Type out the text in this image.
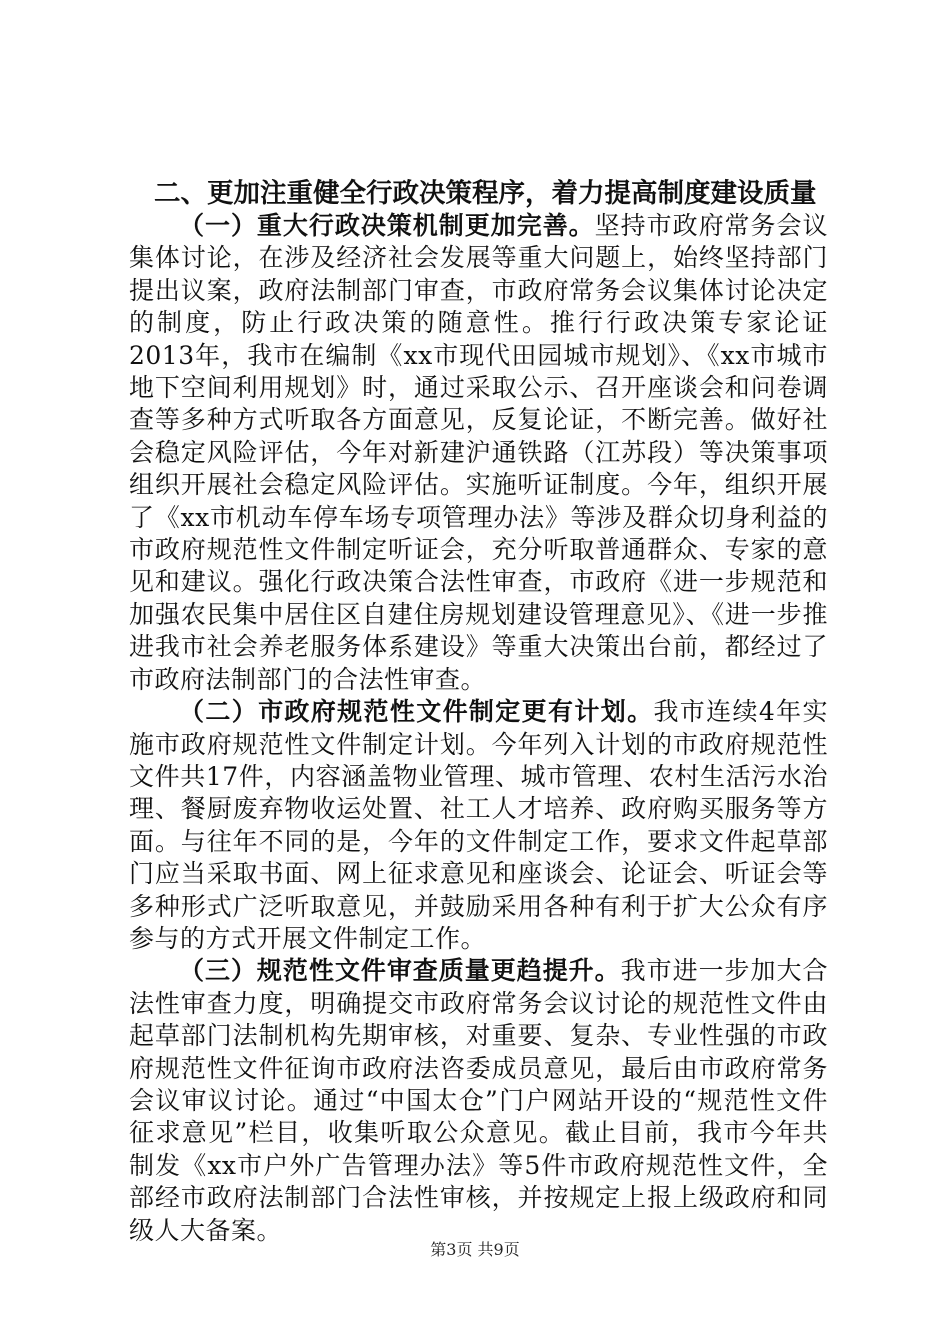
二、更加注重健全行政决策程序，着力提高制度建设质量

（一）重大行政决策机制更加完善。坚持市政府常务会议集体讨论，在涉及经济社会发展等重大问题上，始终坚持部门提出议案，政府法制部门审查，市政府常务会议集体讨论决定的制度，防止行政决策的随意性。推行行政决策专家论证2013年，我市在编制《xx市现代田园城市规划》、《xx市城市地下空间利用规划》时，通过采取公示、召开座谈会和问卷调查等多种方式听取各方面意见，反复论证，不断完善。做好社会稳定风险评估，今年对新建沪通铁路（江苏段）等决策事项组织开展社会稳定风险评估。实施听证制度。今年，组织开展了《xx市机动车停车场专项管理办法》等涉及群众切身利益的市政府规范性文件制定听证会，充分听取普通群众、专家的意见和建议。强化行政决策合法性审查，市政府《进一步规范和加强农民集中居住区自建住房规划建设管理意见》、《进一步推进我市社会养老服务体系建设》等重大决策出台前，都经过了市政府法制部门的合法性审查。

（二）市政府规范性文件制定更有计划。我市连续4年实施市政府规范性文件制定计划。今年列入计划的市政府规范性文件共17件，内容涵盖物业管理、城市管理、农村生活污水治理、餐厨废弃物收运处置、社工人才培养、政府购买服务等方面。与往年不同的是，今年的文件制定工作，要求文件起草部门应当采取书面、网上征求意见和座谈会、论证会、听证会等多种形式广泛听取意见，并鼓励采用各种有利于扩大公众有序参与的方式开展文件制定工作。

（三）规范性文件审查质量更趋提升。我市进一步加大合法性审查力度，明确提交市政府常务会议讨论的规范性文件由起草部门法制机构先期审核，对重要、复杂、专业性强的市政府规范性文件征询市政府法咨委成员意见，最后由市政府常务会议审议讨论。通过“中国太仓”门户网站开设的“规范性文件征求意见”栏目，收集听取公众意见。截止目前，我市今年共制发《xx市户外广告管理办法》等5件市政府规范性文件，全部经市政府法制部门合法性审核，并按规定上报上级政府和同级人大备案。

第3页 共9页
